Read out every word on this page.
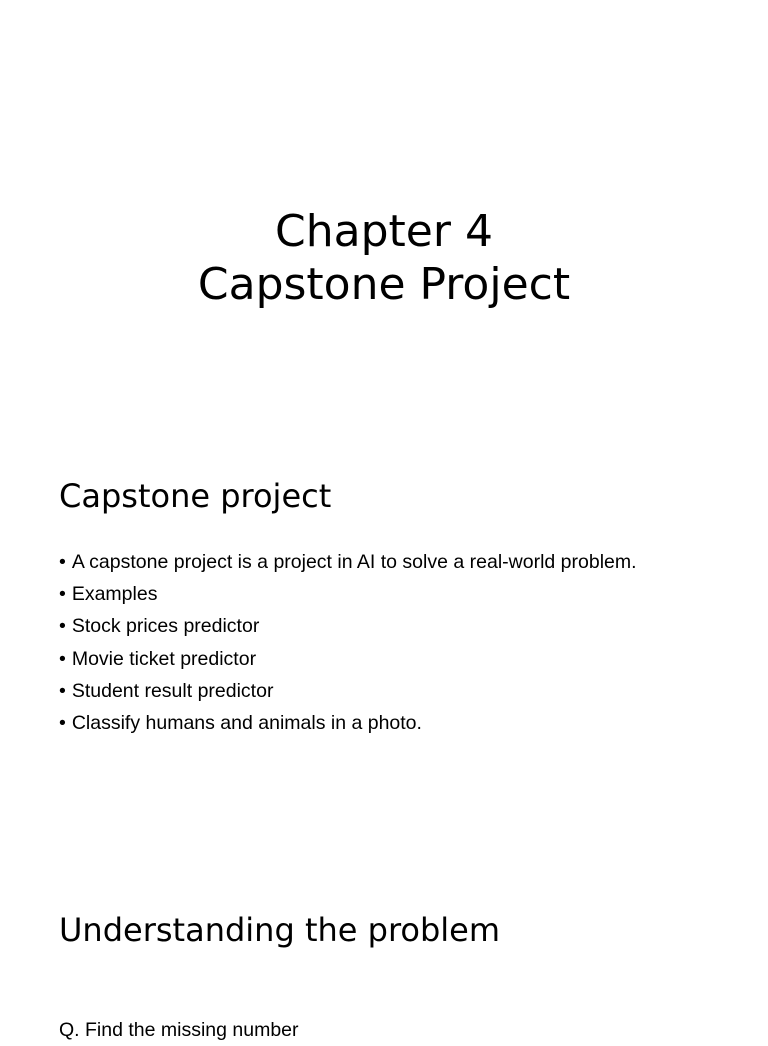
Chapter 4
Capstone Project
Capstone project
• A capstone project is a project in AI to solve a real-world problem.
• Examples
• Stock prices predictor
• Movie ticket predictor
• Student result predictor
• Classify humans and animals in a photo.
Understanding the problem
Q. Find the missing number
